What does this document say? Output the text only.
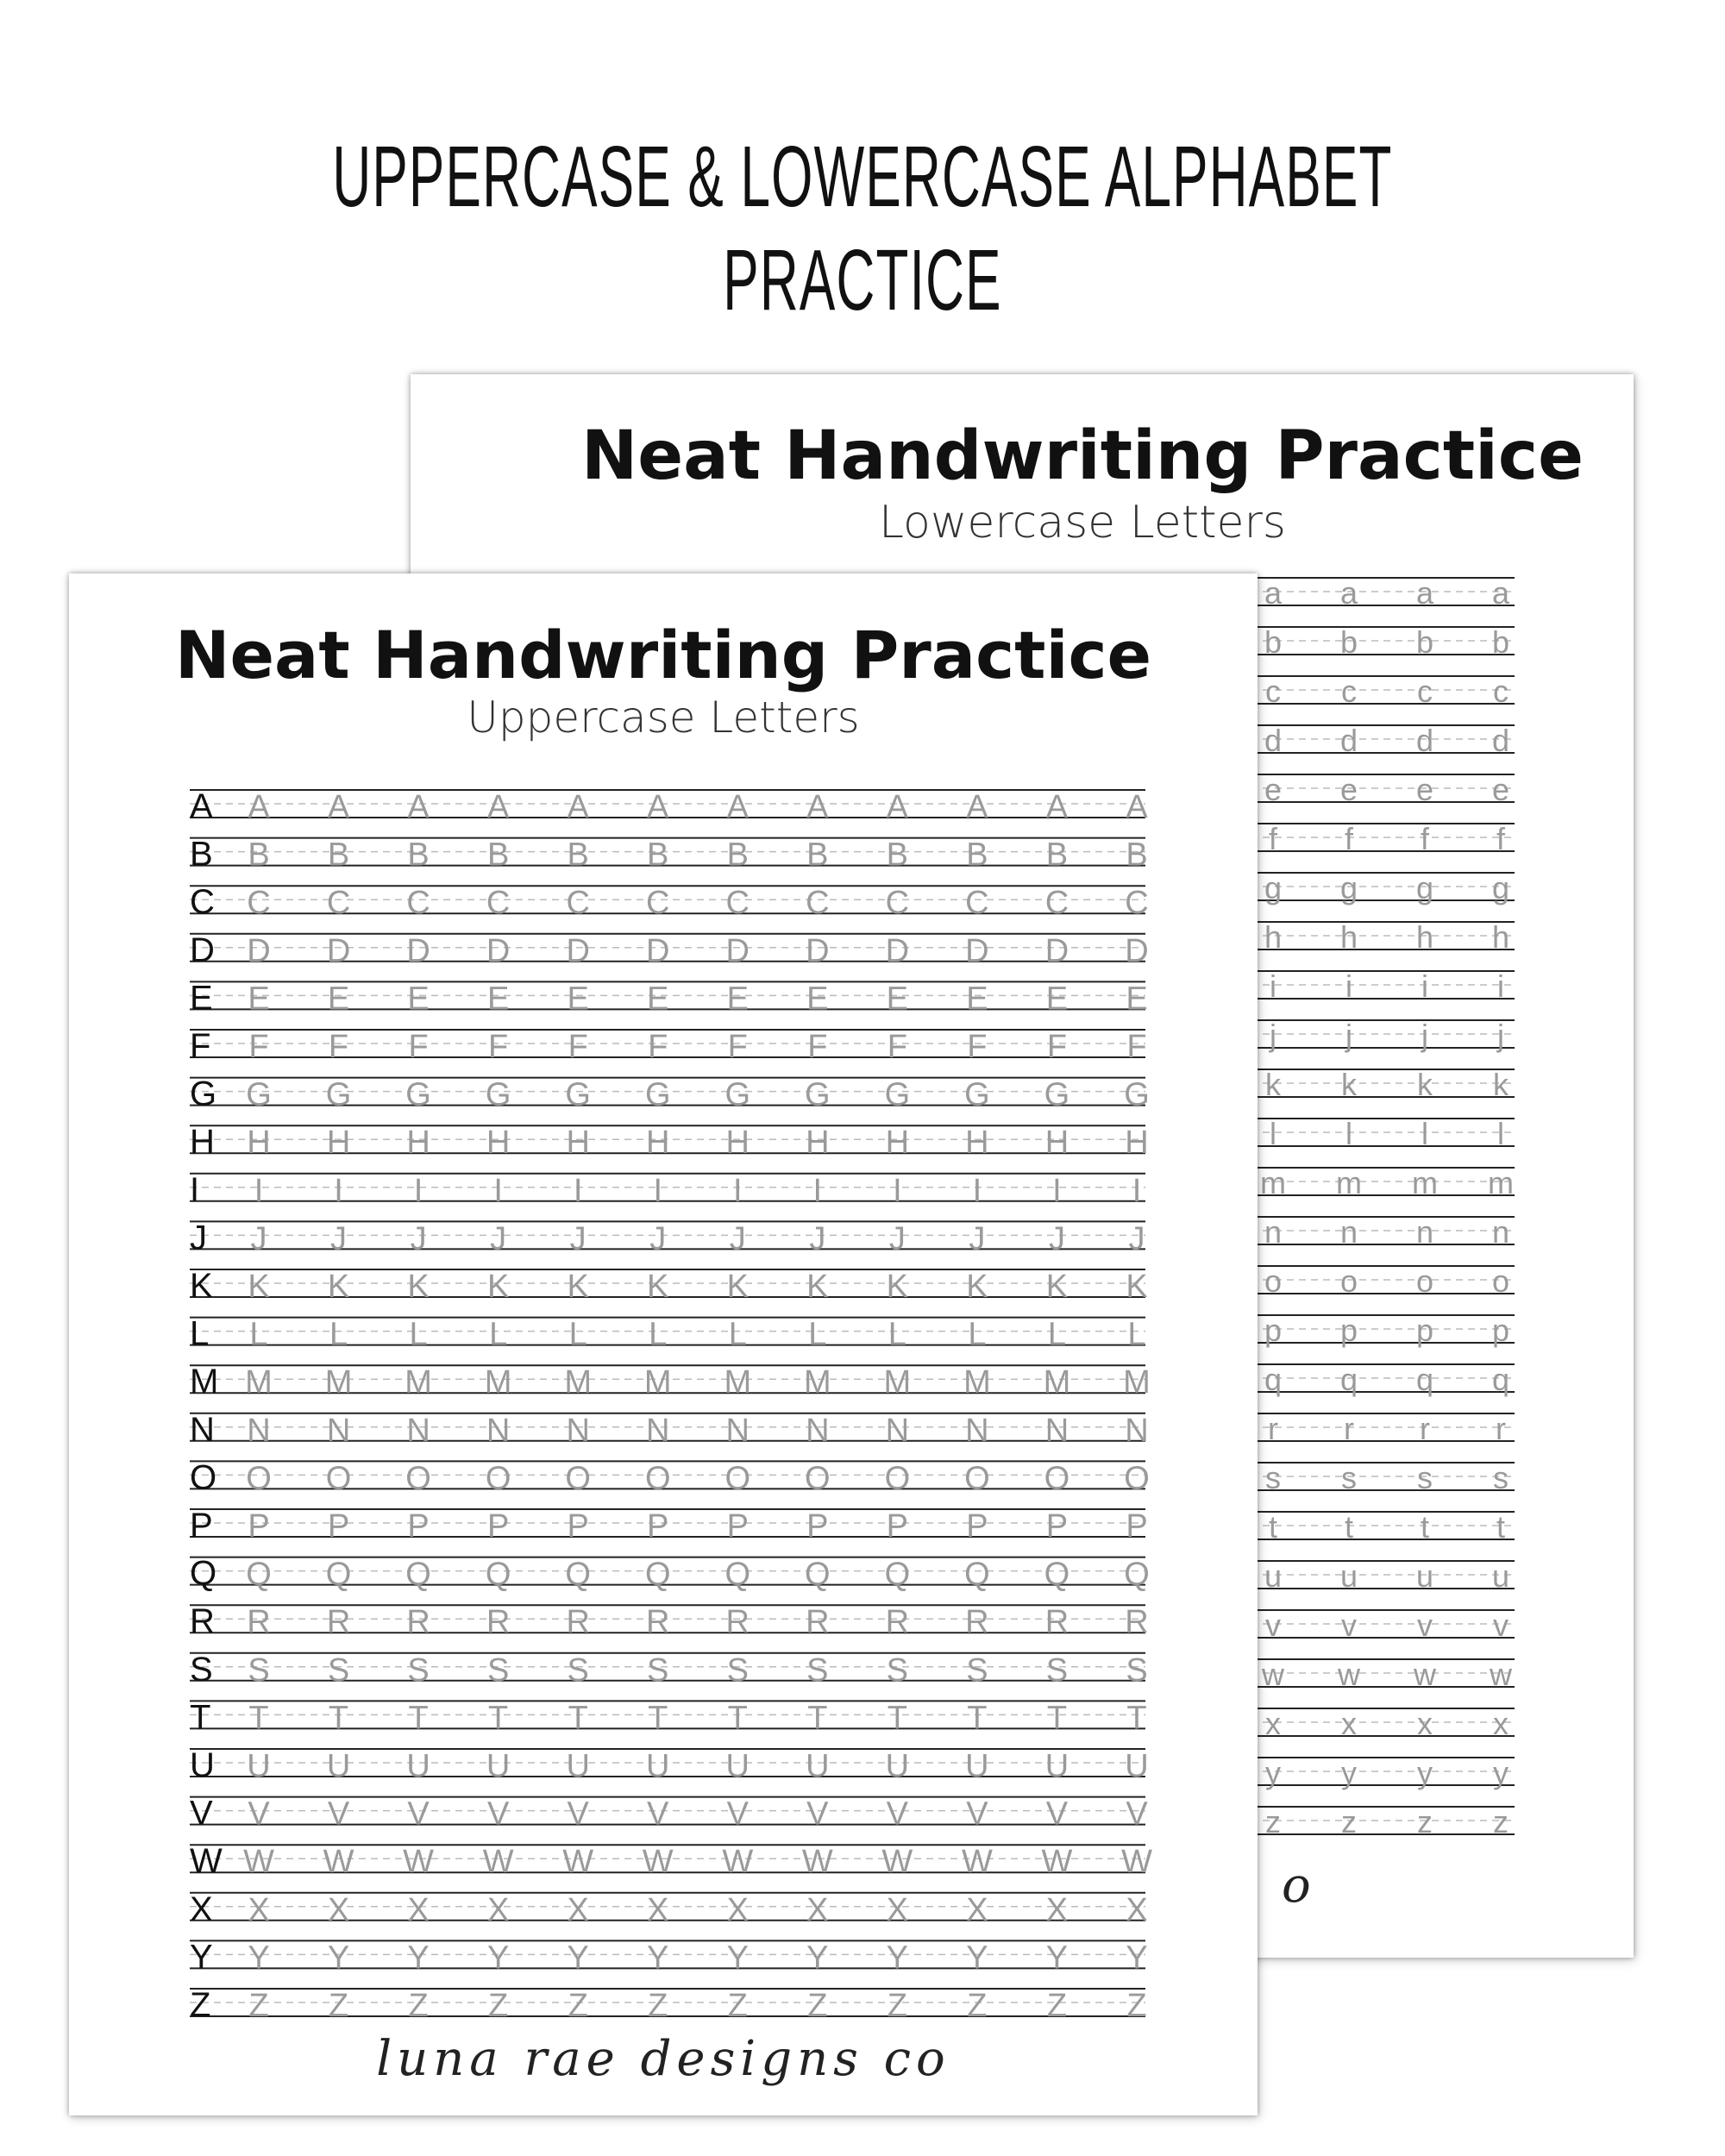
UPPERCASE & LOWERCASE ALPHABET PRACTICE
Neat Handwriting Practice
Lowercase Letters
a a a a
b b b b
c c c c
d d d d
e e e e
f f f f
g g g g
h h h h
i i i i
j j j j
k k k k
l l l l
m m m m
n n n n
o o o o
p p p p
q q q q
r r r r
s s s s
t t t t
u u u u
v v v v
w w w w
x x x x
y y y y
z z z z
o
Neat Handwriting Practice
Uppercase Letters
A A A A A A A A A A A A A
B B B B B B B B B B B B B
C C C C C C C C C C C C C
D D D D D D D D D D D D D
E E E E E E E E E E E E E
F F F F F F F F F F F F F
G G G G G G G G G G G G G
H H H H H H H H H H H H H
I I I I I I I I I I I I I
J J J J J J J J J J J J J
K K K K K K K K K K K K K
L L L L L L L L L L L L L
M M M M M M M M M M M M M
N N N N N N N N N N N N N
O O O O O O O O O O O O O
P P P P P P P P P P P P P
Q Q Q Q Q Q Q Q Q Q Q Q Q
R R R R R R R R R R R R R
S S S S S S S S S S S S S
T T T T T T T T T T T T T
U U U U U U U U U U U U U
V V V V V V V V V V V V V
W W W W W W W W W W W W W
X X X X X X X X X X X X X
Y Y Y Y Y Y Y Y Y Y Y Y Y
Z Z Z Z Z Z Z Z Z Z Z Z Z
luna rae designs co
